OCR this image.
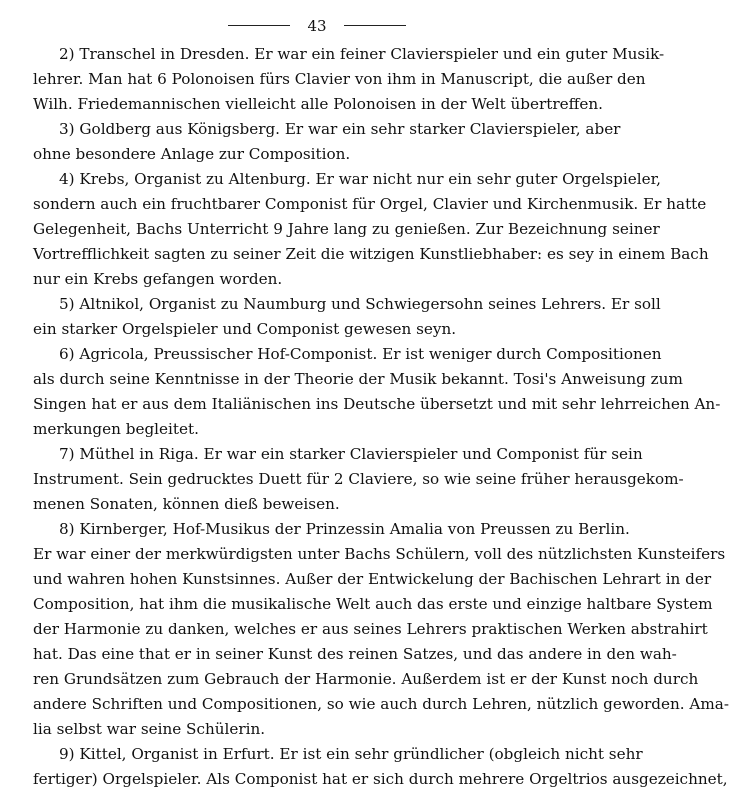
43
2) Transchel in Dresden. Er war ein feiner Clavierspieler und ein guter Musik-
lehrer. Man hat 6 Polonoisen fürs Clavier von ihm in Manuscript, die außer den
Wilh. Friedemannischen vielleicht alle Polonoisen in der Welt übertreffen.
3) Goldberg aus Königsberg. Er war ein sehr starker Clavierspieler, aber
ohne besondere Anlage zur Composition.
4) Krebs, Organist zu Altenburg. Er war nicht nur ein sehr guter Orgelspieler,
sondern auch ein fruchtbarer Componist für Orgel, Clavier und Kirchenmusik. Er hatte
Gelegenheit, Bachs Unterricht 9 Jahre lang zu genießen. Zur Bezeichnung seiner
Vortrefflichkeit sagten zu seiner Zeit die witzigen Kunstliebhaber: es sey in einem Bach
nur ein Krebs gefangen worden.
5) Altnikol, Organist zu Naumburg und Schwiegersohn seines Lehrers. Er soll
ein starker Orgelspieler und Componist gewesen seyn.
6) Agricola, Preussischer Hof-Componist. Er ist weniger durch Compositionen
als durch seine Kenntnisse in der Theorie der Musik bekannt. Tosi's Anweisung zum
Singen hat er aus dem Italiänischen ins Deutsche übersetzt und mit sehr lehrreichen An-
merkungen begleitet.
7) Müthel in Riga. Er war ein starker Clavierspieler und Componist für sein
Instrument. Sein gedrucktes Duett für 2 Claviere, so wie seine früher herausgekom-
menen Sonaten, können dieß beweisen.
8) Kirnberger, Hof-Musikus der Prinzessin Amalia von Preussen zu Berlin.
Er war einer der merkwürdigsten unter Bachs Schülern, voll des nützlichsten Kunsteifers
und wahren hohen Kunstsinnes. Außer der Entwickelung der Bachischen Lehrart in der
Composition, hat ihm die musikalische Welt auch das erste und einzige haltbare System
der Harmonie zu danken, welches er aus seines Lehrers praktischen Werken abstrahirt
hat. Das eine that er in seiner Kunst des reinen Satzes, und das andere in den wah-
ren Grundsätzen zum Gebrauch der Harmonie. Außerdem ist er der Kunst noch durch
andere Schriften und Compositionen, so wie auch durch Lehren, nützlich geworden. Ama-
lia selbst war seine Schülerin.
9) Kittel, Organist in Erfurt. Er ist ein sehr gründlicher (obgleich nicht sehr
fertiger) Orgelspieler. Als Componist hat er sich durch mehrere Orgeltrios ausgezeichnet,
